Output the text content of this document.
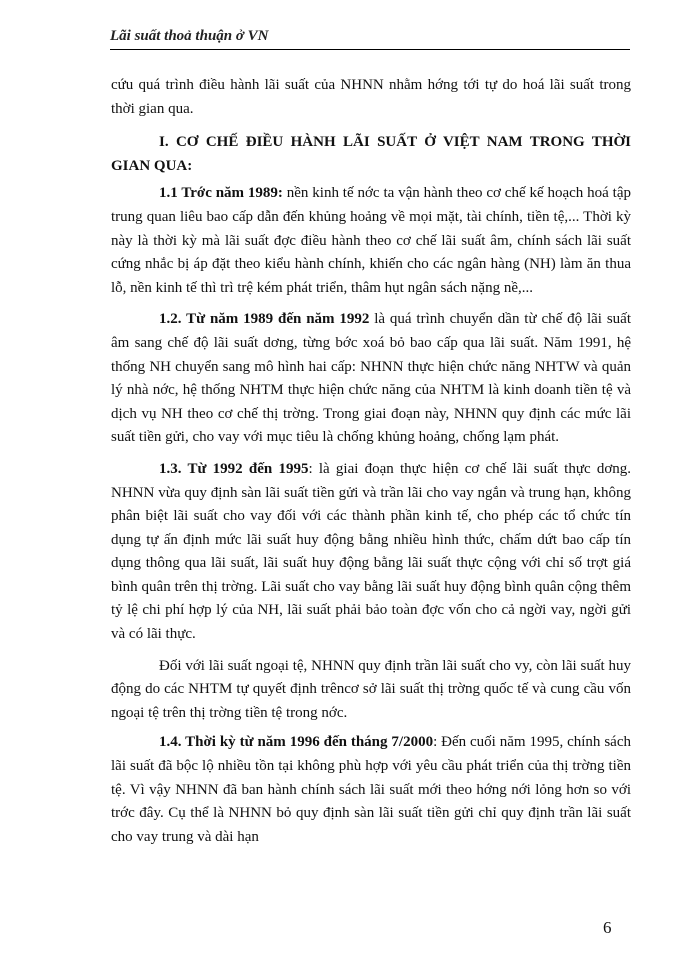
Lãi suất thoả thuận ở VN

cứu quá trình điều hành lãi suất của NHNN nhằm hớng tới tự do hoá lãi suất trong thời gian qua.

I. CƠ CHẾ ĐIỀU HÀNH LÃI SUẤT Ở VIỆT NAM TRONG THỜI GIAN QUA:

1.1 Trớc năm 1989: nền kinh tế nớc ta vận hành theo cơ chế kế hoạch hoá tập trung quan liêu bao cấp dẫn đến khủng hoảng về mọi mặt, tài chính, tiền tệ,... Thời kỳ này là thời kỳ mà lãi suất đợc điều hành theo cơ chế lãi suất âm, chính sách lãi suất cứng nhắc bị áp đặt theo kiểu hành chính, khiến cho các ngân hàng (NH) làm ăn thua lỗ, nền kinh tế thì trì trệ kém phát triển, thâm hụt ngân sách nặng nề,...

1.2. Từ năm 1989 đến năm 1992 là quá trình chuyển dần từ chế độ lãi suất âm sang chế độ lãi suất dơng, từng bớc xoá bỏ bao cấp qua lãi suất. Năm 1991, hệ thống NH chuyển sang mô hình hai cấp: NHNN thực hiện chức năng NHTW và quản lý nhà nớc, hệ thống NHTM thực hiện chức năng của NHTM là kinh doanh tiền tệ và dịch vụ NH theo cơ chế thị trờng. Trong giai đoạn này, NHNN quy định các mức lãi suất tiền gửi, cho vay với mục tiêu là chống khủng hoảng, chống lạm phát.

1.3. Từ 1992 đến 1995: là giai đoạn thực hiện cơ chế lãi suất thực dơng. NHNN vừa quy định sàn lãi suất tiền gửi và trần lãi cho vay ngắn và trung hạn, không phân biệt lãi suất cho vay đối với các thành phần kinh tế, cho phép các tổ chức tín dụng tự ấn định mức lãi suất huy động bằng nhiều hình thức, chấm dứt bao cấp tín dụng thông qua lãi suất, lãi suất huy động bằng lãi suất thực cộng với chỉ số trợt giá bình quân trên thị trờng. Lãi suất cho vay bằng lãi suất huy động bình quân cộng thêm tỷ lệ chi phí hợp lý của NH, lãi suất phải bảo toàn đợc vốn cho cả ngời vay, ngời gửi và có lãi thực.

Đối với lãi suất ngoại tệ, NHNN quy định trần lãi suất cho vy, còn lãi suất huy động do các NHTM tự quyết định trêncơ sở lãi suất thị trờng quốc tế và cung cầu vốn ngoại tệ trên thị trờng tiền tệ trong nớc.

1.4. Thời kỳ từ năm 1996 đến tháng 7/2000: Đến cuối năm 1995, chính sách lãi suất đã bộc lộ nhiều tồn tại không phù hợp với yêu cầu phát triển của thị trờng tiền tệ. Vì vậy NHNN đã ban hành chính sách lãi suất mới theo hớng nới lỏng hơn so với trớc đây. Cụ thể là NHNN bỏ quy định sàn lãi suất tiền gửi chỉ quy định trần lãi suất cho vay trung và dài hạn

6
